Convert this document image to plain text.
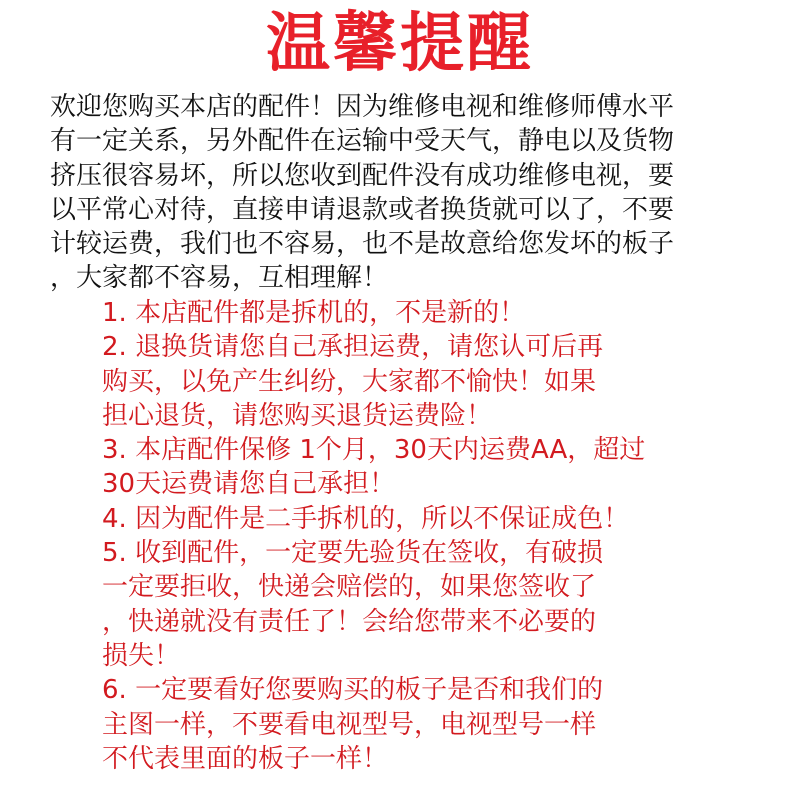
温馨提醒
欢迎您购买本店的配件！因为维修电视和维修师傅水平
有一定关系，另外配件在运输中受天气，静电以及货物
挤压很容易坏，所以您收到配件没有成功维修电视，要
以平常心对待，直接申请退款或者换货就可以了，不要
计较运费，我们也不容易，也不是故意给您发坏的板子
，大家都不容易，互相理解！
1. 本店配件都是拆机的，不是新的！
2. 退换货请您自己承担运费，请您认可后再
购买，以免产生纠纷，大家都不愉快！如果
担心退货，请您购买退货运费险！
3. 本店配件保修 1个月，30天内运费AA，超过
30天运费请您自己承担！
4. 因为配件是二手拆机的，所以不保证成色！
5. 收到配件，一定要先验货在签收，有破损
一定要拒收，快递会赔偿的，如果您签收了
，快递就没有责任了！会给您带来不必要的
损失！
6. 一定要看好您要购买的板子是否和我们的
主图一样，不要看电视型号，电视型号一样
不代表里面的板子一样！
